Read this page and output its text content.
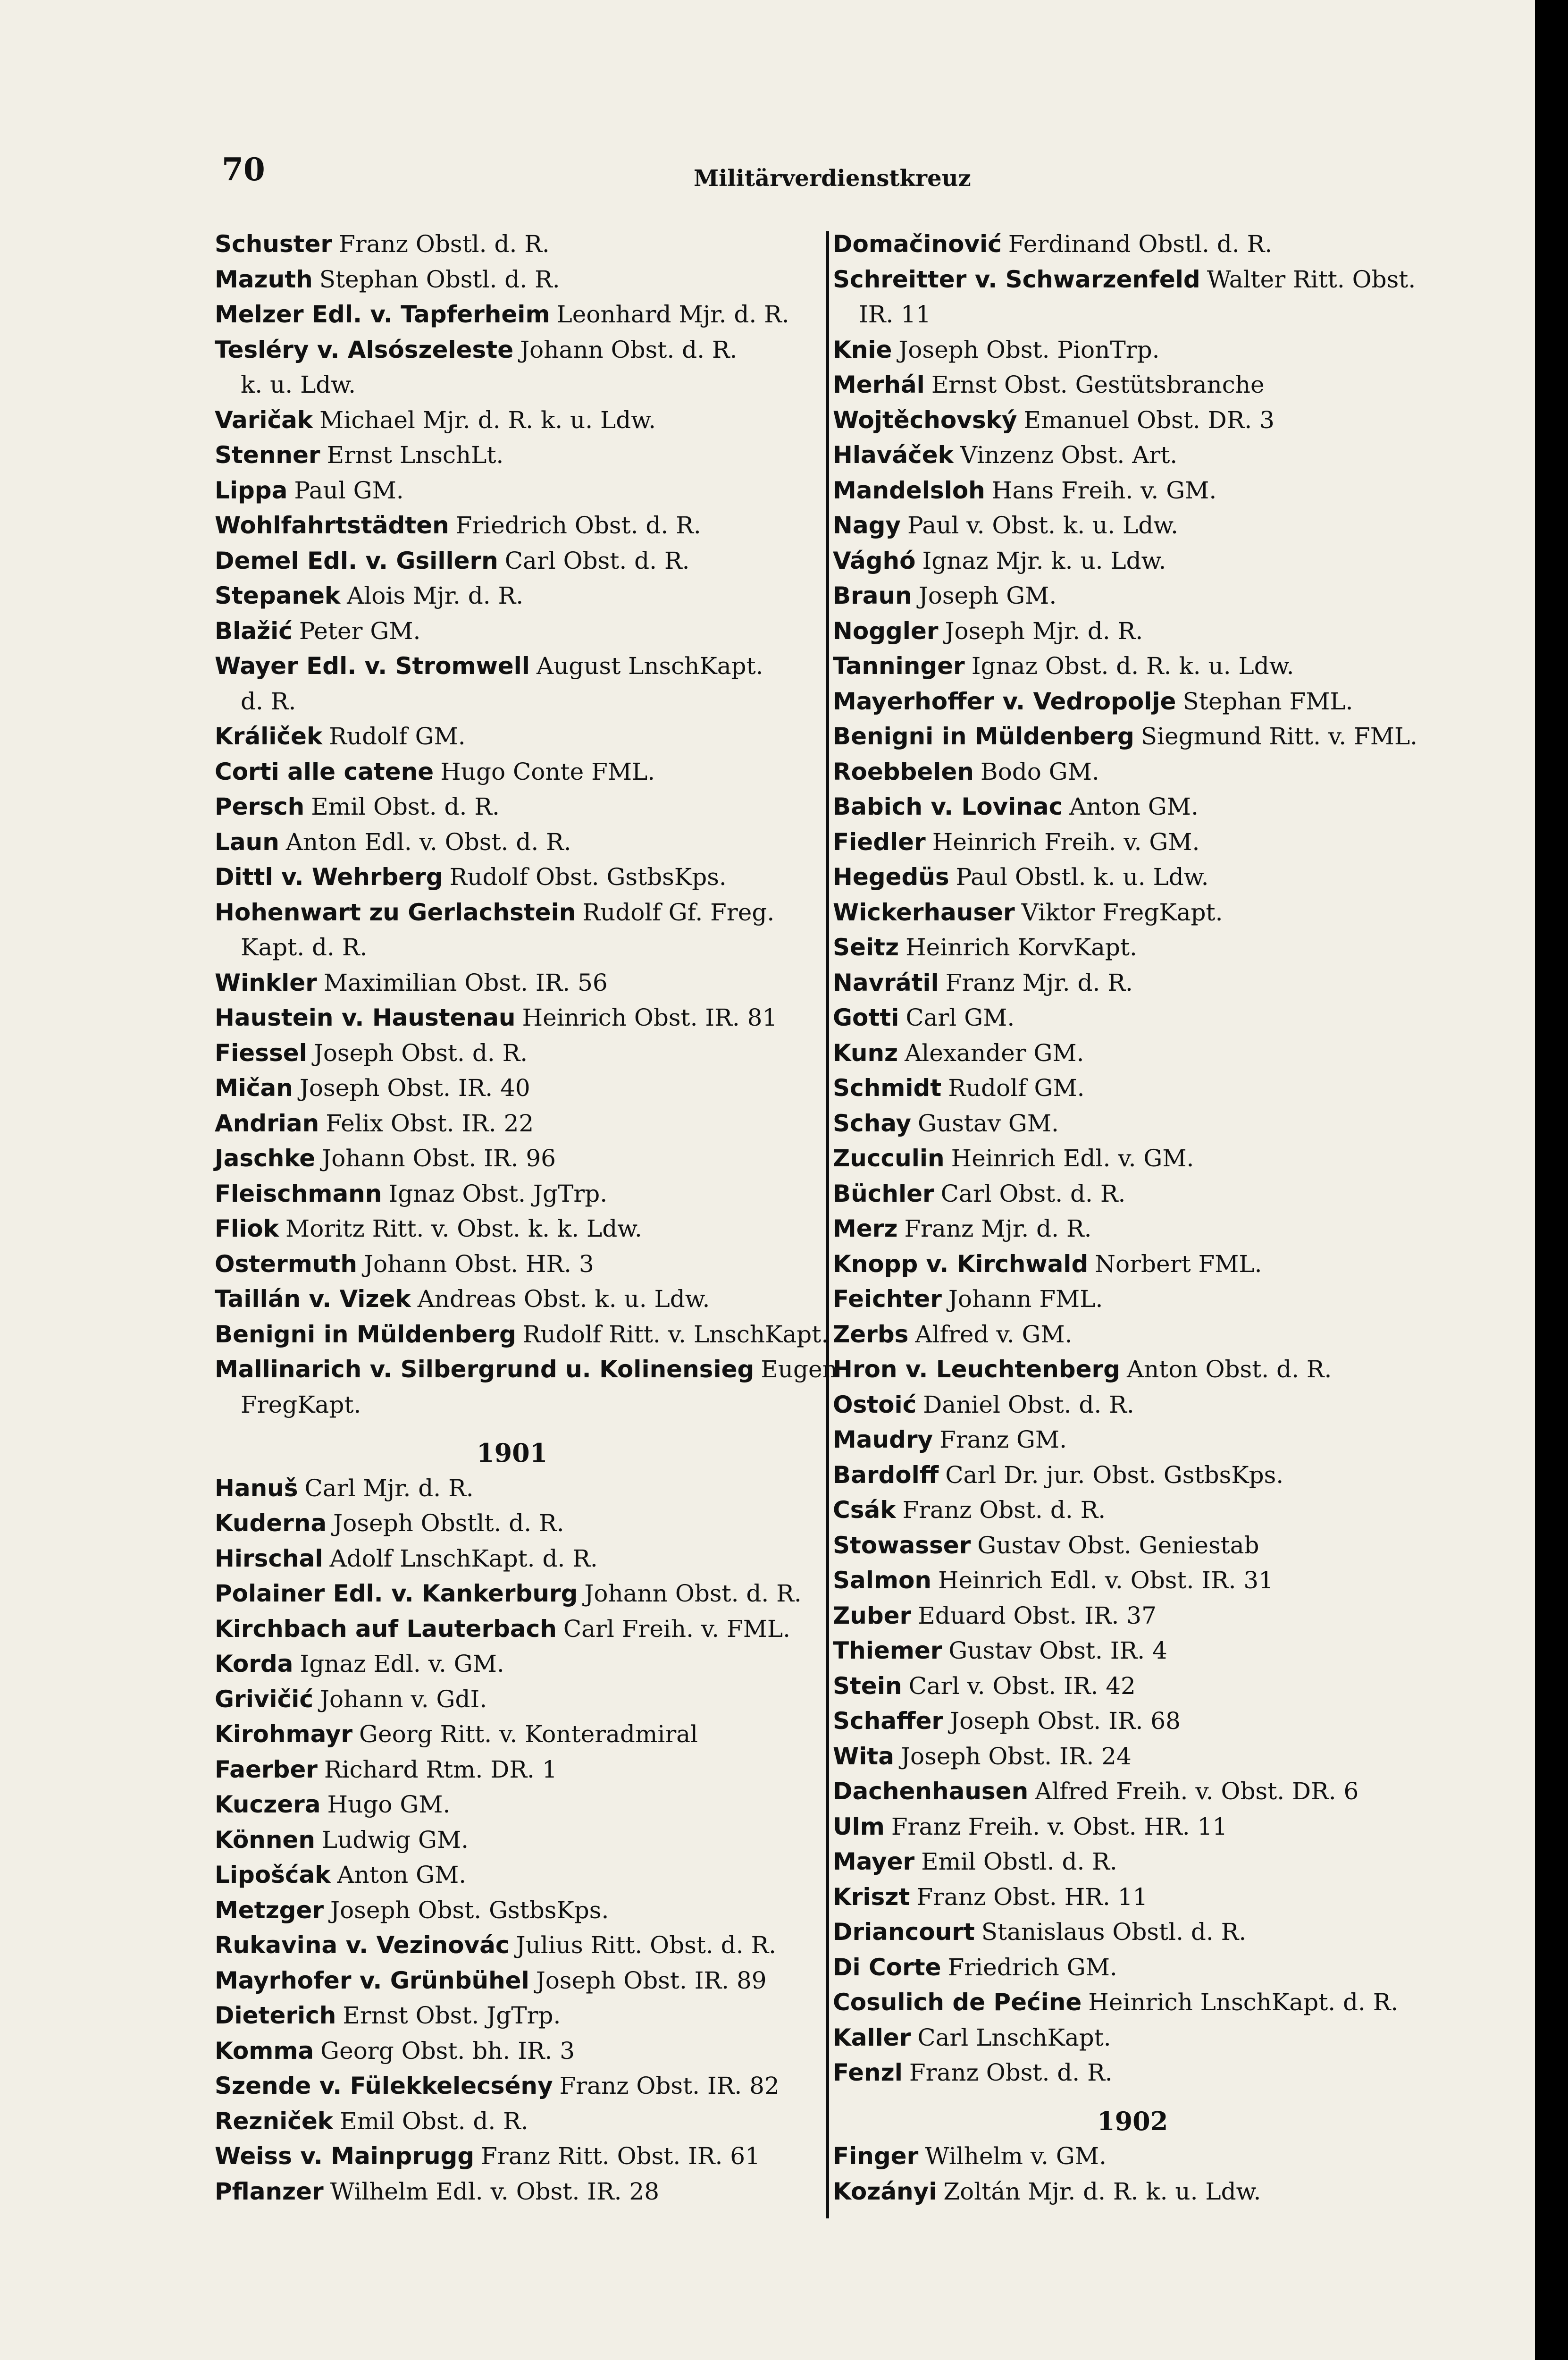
70	Militärverdienstkreuz
Schuster Franz Obstl. d. R.
Mazuth Stephan Obstl. d. R.
Melzer Edl. v. Tapferheim Leonhard Mjr. d. R.
Tesléry v. Alsószeleste Johann Obst. d. R.
k. u. Ldw.
Varičak Michael Mjr. d. R. k. u. Ldw.
Stenner Ernst LnschLt.
Lippa Paul GM.
Wohlfahrtstädten Friedrich Obst. d. R.
Demel Edl. v. Gsillern Carl Obst. d. R.
Stepanek Alois Mjr. d. R.
Blažić Peter GM.
Wayer Edl. v. Stromwell August LnschKapt.
d. R.
Králiček Rudolf GM.
Corti alle catene Hugo Conte FML.
Persch Emil Obst. d. R.
Laun Anton Edl. v. Obst. d. R.
Dittl v. Wehrberg Rudolf Obst. GstbsKps.
Hohenwart zu Gerlachstein Rudolf Gf. Freg.
Kapt. d. R.
Winkler Maximilian Obst. IR. 56
Haustein v. Haustenau Heinrich Obst. IR. 81
Fiessel Joseph Obst. d. R.
Mičan Joseph Obst. IR. 40
Andrian Felix Obst. IR. 22
Jaschke Johann Obst. IR. 96
Fleischmann Ignaz Obst. JgTrp.
Fliok Moritz Ritt. v. Obst. k. k. Ldw.
Ostermuth Johann Obst. HR. 3
Taillán v. Vizek Andreas Obst. k. u. Ldw.
Benigni in Müldenberg Rudolf Ritt. v. LnschKapt.
Mallinarich v. Silbergrund u. Kolinensieg Eugen
FregKapt.
1901
Hanuš Carl Mjr. d. R.
Kuderna Joseph Obstlt. d. R.
Hirschal Adolf LnschKapt. d. R.
Polainer Edl. v. Kankerburg Johann Obst. d. R.
Kirchbach auf Lauterbach Carl Freih. v. FML.
Korda Ignaz Edl. v. GM.
Grivičić Johann v. GdI.
Kirohmayr Georg Ritt. v. Konteradmiral
Faerber Richard Rtm. DR. 1
Kuczera Hugo GM.
Können Ludwig GM.
Lipošćak Anton GM.
Metzger Joseph Obst. GstbsKps.
Rukavina v. Vezinovác Julius Ritt. Obst. d. R.
Mayrhofer v. Grünbühel Joseph Obst. IR. 89
Dieterich Ernst Obst. JgTrp.
Komma Georg Obst. bh. IR. 3
Szende v. Fülekkelecsény Franz Obst. IR. 82
Rezniček Emil Obst. d. R.
Weiss v. Mainprugg Franz Ritt. Obst. IR. 61
Pflanzer Wilhelm Edl. v. Obst. IR. 28
Domačinović Ferdinand Obstl. d. R.
Schreitter v. Schwarzenfeld Walter Ritt. Obst.
IR. 11
Knie Joseph Obst. PionTrp.
Merhál Ernst Obst. Gestütsbranche
Wojtěchovský Emanuel Obst. DR. 3
Hlaváček Vinzenz Obst. Art.
Mandelsloh Hans Freih. v. GM.
Nagy Paul v. Obst. k. u. Ldw.
Vághó Ignaz Mjr. k. u. Ldw.
Braun Joseph GM.
Noggler Joseph Mjr. d. R.
Tanninger Ignaz Obst. d. R. k. u. Ldw.
Mayerhoffer v. Vedropolje Stephan FML.
Benigni in Müldenberg Siegmund Ritt. v. FML.
Roebbelen Bodo GM.
Babich v. Lovinac Anton GM.
Fiedler Heinrich Freih. v. GM.
Hegedüs Paul Obstl. k. u. Ldw.
Wickerhauser Viktor FregKapt.
Seitz Heinrich KorvKapt.
Navrátil Franz Mjr. d. R.
Gotti Carl GM.
Kunz Alexander GM.
Schmidt Rudolf GM.
Schay Gustav GM.
Zucculin Heinrich Edl. v. GM.
Büchler Carl Obst. d. R.
Merz Franz Mjr. d. R.
Knopp v. Kirchwald Norbert FML.
Feichter Johann FML.
Zerbs Alfred v. GM.
Hron v. Leuchtenberg Anton Obst. d. R.
Ostoić Daniel Obst. d. R.
Maudry Franz GM.
Bardolff Carl Dr. jur. Obst. GstbsKps.
Csák Franz Obst. d. R.
Stowasser Gustav Obst. Geniestab
Salmon Heinrich Edl. v. Obst. IR. 31
Zuber Eduard Obst. IR. 37
Thiemer Gustav Obst. IR. 4
Stein Carl v. Obst. IR. 42
Schaffer Joseph Obst. IR. 68
Wita Joseph Obst. IR. 24
Dachenhausen Alfred Freih. v. Obst. DR. 6
Ulm Franz Freih. v. Obst. HR. 11
Mayer Emil Obstl. d. R.
Kriszt Franz Obst. HR. 11
Driancourt Stanislaus Obstl. d. R.
Di Corte Friedrich GM.
Cosulich de Pećine Heinrich LnschKapt. d. R.
Kaller Carl LnschKapt.
Fenzl Franz Obst. d. R.
1902
Finger Wilhelm v. GM.
Kozányi Zoltán Mjr. d. R. k. u. Ldw.
